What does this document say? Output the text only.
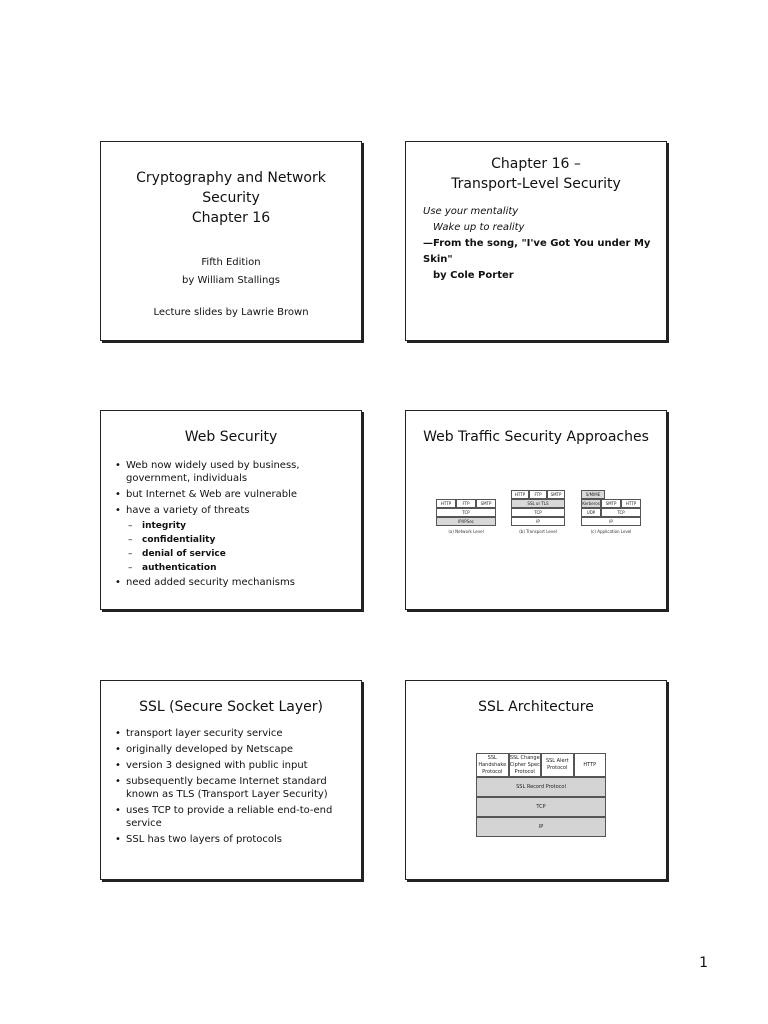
Cryptography and Network
Security
Chapter 16
Fifth Edition
by William Stallings
Lecture slides by Lawrie Brown
Chapter 16 –
Transport-Level Security
Use your mentality
Wake up to reality
—From the song, "I've Got You under My Skin"
by Cole Porter
Web Security
• Web now widely used by business, government, individuals
• but Internet & Web are vulnerable
• have a variety of threats
– integrity
– confidentiality
– denial of service
– authentication
• need added security mechanisms
Web Traffic Security Approaches
HTTP	FTP	SMTP
TCP
IP/IPSec
(a) Network Level
HTTP	FTP	SMTP
SSL or TLS
TCP
IP
(b) Transport Level
S/MIME
Kerberos	SMTP	HTTP
UDP	TCP
IP
(c) Application Level
SSL (Secure Socket Layer)
• transport layer security service
• originally developed by Netscape
• version 3 designed with public input
• subsequently became Internet standard known as TLS (Transport Layer Security)
• uses TCP to provide a reliable end-to-end service
• SSL has two layers of protocols
SSL Architecture
SSL Handshake Protocol
SSL Change Cipher Spec Protocol
SSL Alert Protocol
HTTP
SSL Record Protocol
TCP
IP
1
